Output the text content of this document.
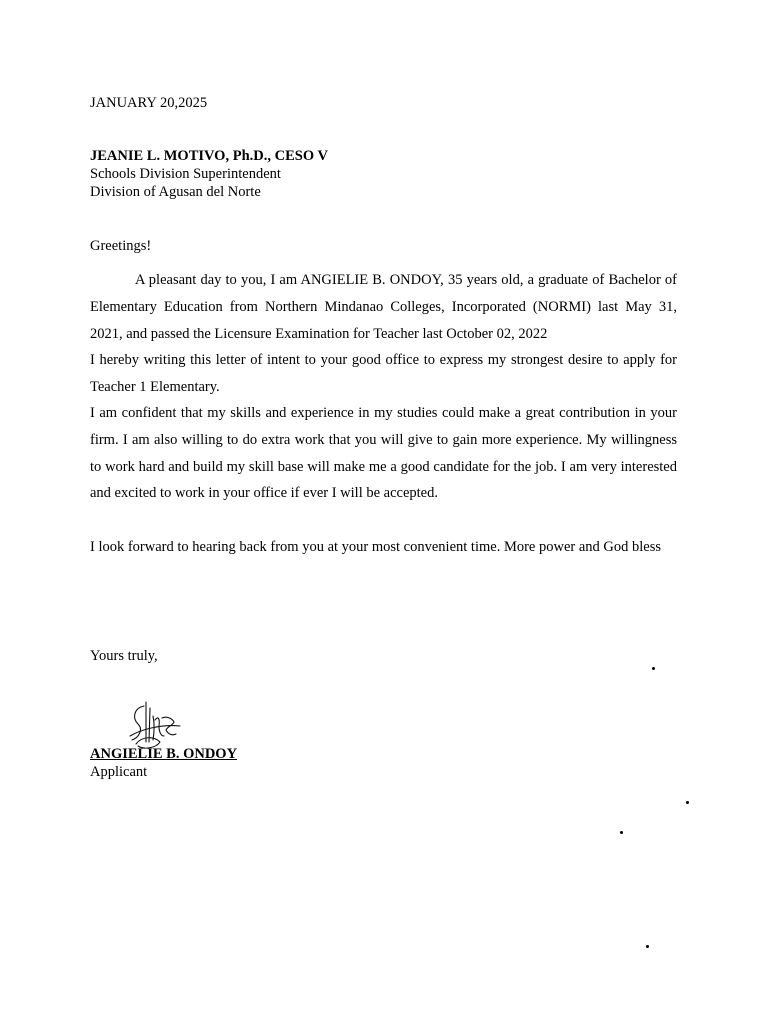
JANUARY 20,2025
JEANIE L. MOTIVO, Ph.D., CESO V
Schools Division Superintendent
Division of Agusan del Norte
Greetings!

A pleasant day to you, I am ANGIELIE B. ONDOY, 35 years old, a graduate of Bachelor of Elementary Education from Northern Mindanao Colleges, Incorporated (NORMI) last May 31, 2021, and passed the Licensure Examination for Teacher last October 02, 2022

I hereby writing this letter of intent to your good office to express my strongest desire to apply for Teacher 1 Elementary.

I am confident that my skills and experience in my studies could make a great contribution in your firm. I am also willing to do extra work that you will give to gain more experience. My willingness to work hard and build my skill base will make me a good candidate for the job. I am very interested and excited to work in your office if ever I will be accepted.

I look forward to hearing back from you at your most convenient time. More power and God bless

Yours truly,
ANGIELIE B. ONDOY
Applicant
